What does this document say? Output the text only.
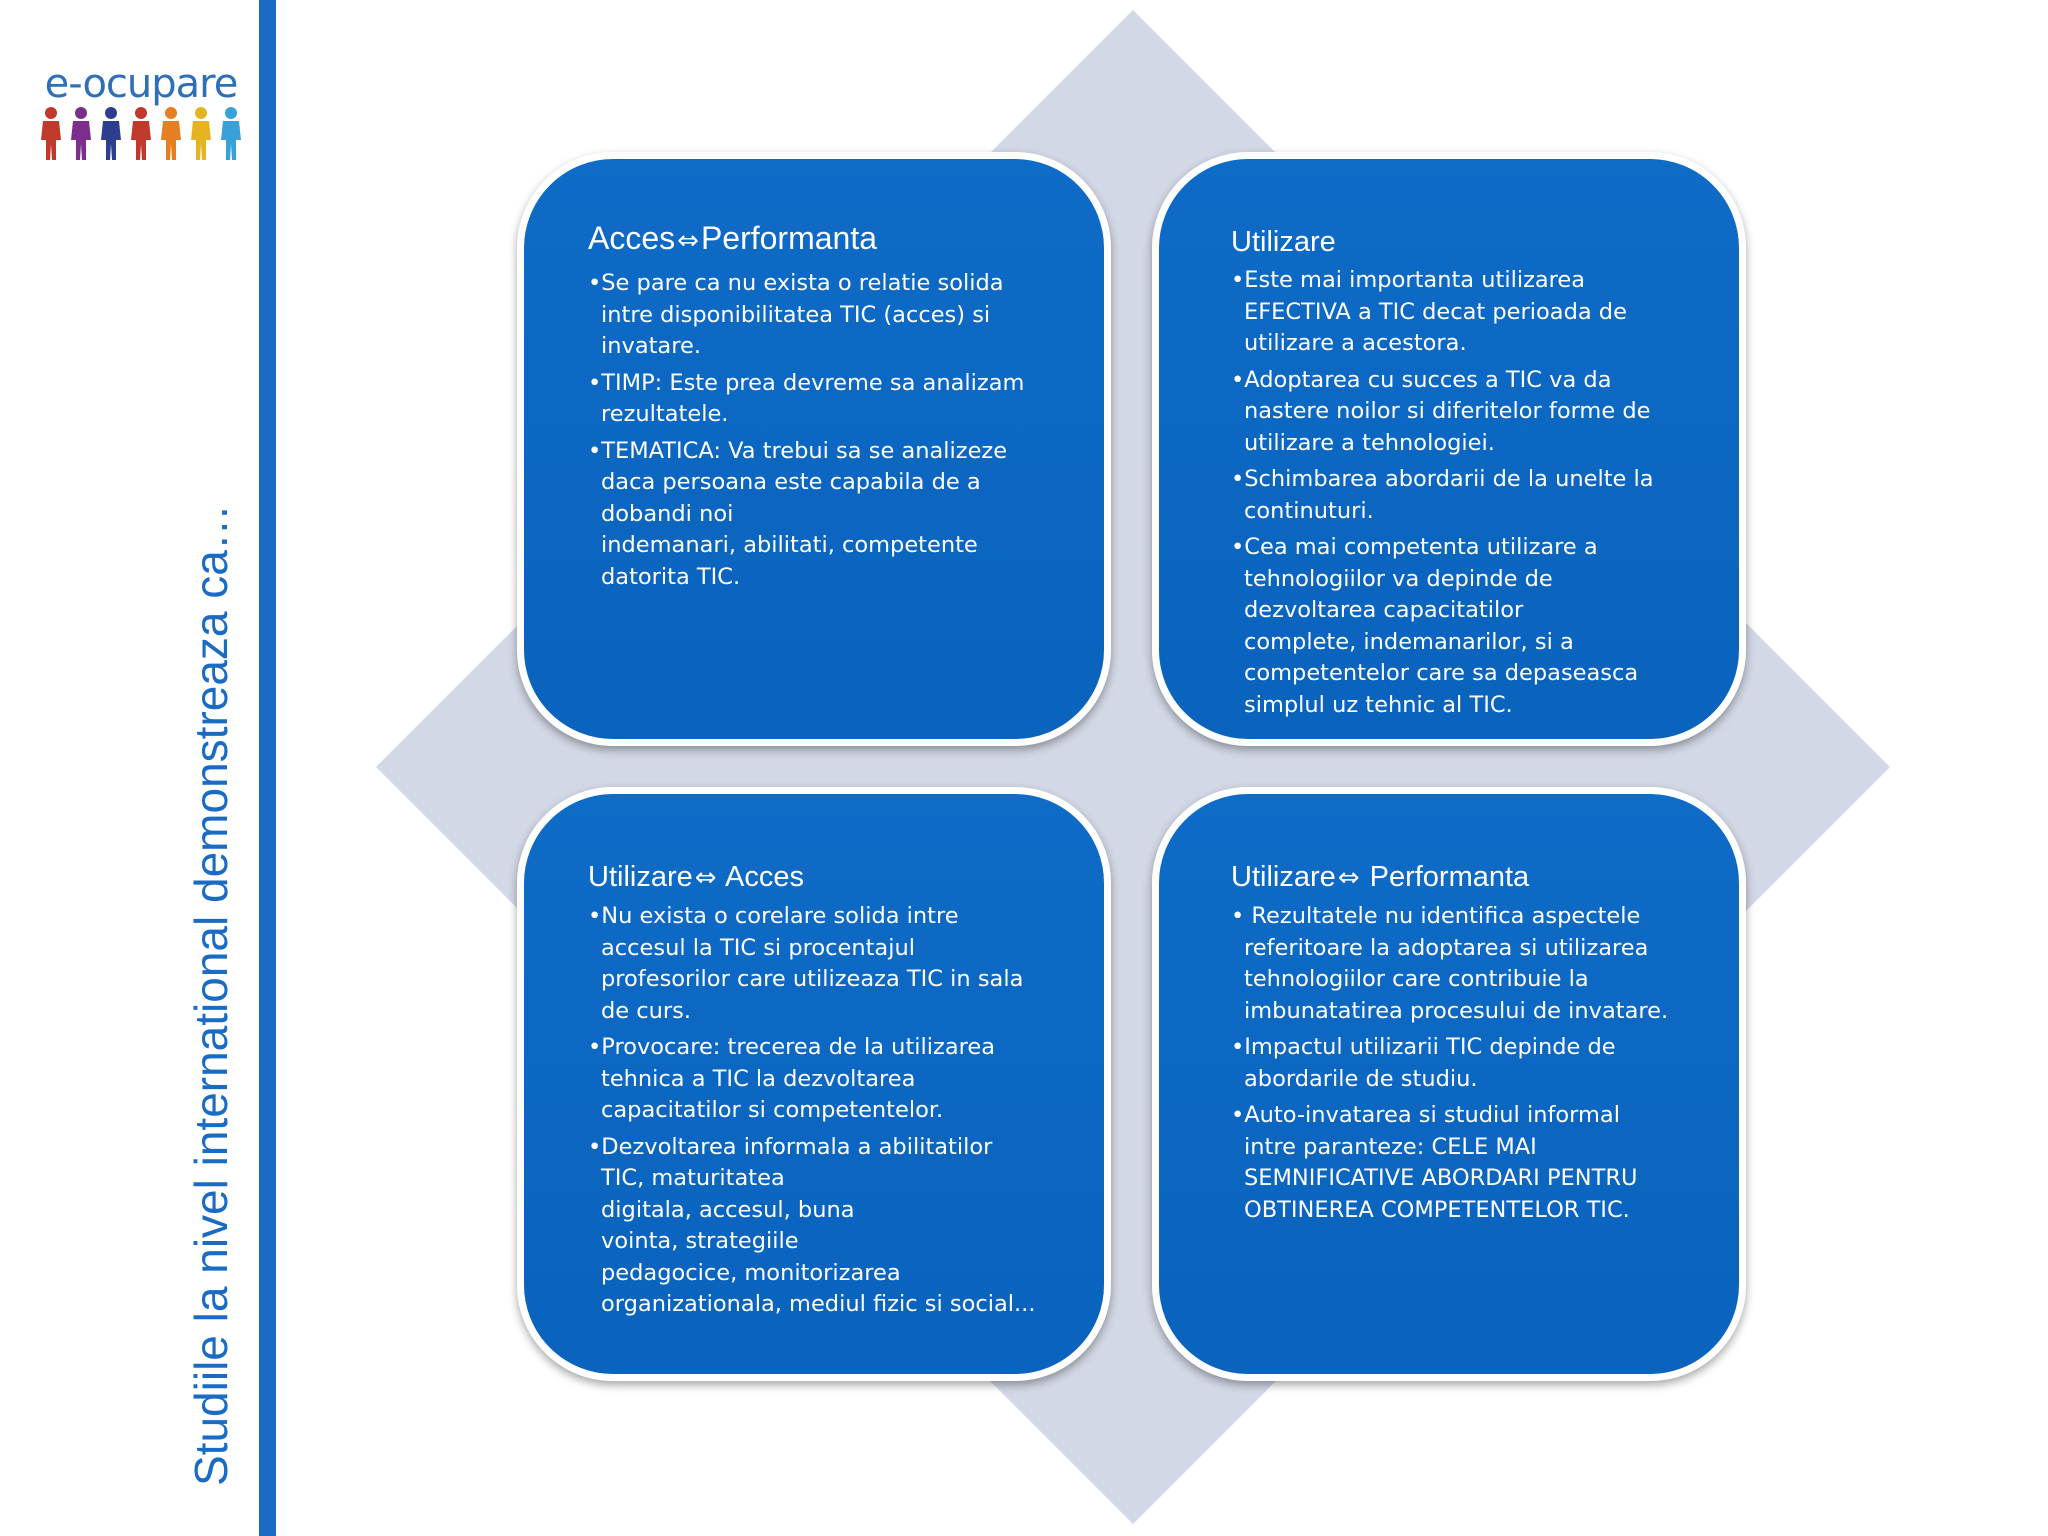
e-ocupare
Studiile la nivel international demonstreaza ca…
Acces⇔Performanta
•Se pare ca nu exista o relatie solida
intre disponibilitatea TIC (acces) si
invatare.
•TIMP: Este prea devreme sa analizam
rezultatele.
•TEMATICA: Va trebui sa se analizeze
daca persoana este capabila de a
dobandi noi
indemanari, abilitati, competente
datorita TIC.
Utilizare
•Este mai importanta utilizarea
EFECTIVA a TIC decat perioada de
utilizare a acestora.
•Adoptarea cu succes a TIC va da
nastere noilor si diferitelor forme de
utilizare a tehnologiei.
•Schimbarea abordarii de la unelte la
continuturi.
•Cea mai competenta utilizare a
tehnologiilor va depinde de
dezvoltarea capacitatilor
complete, indemanarilor, si a
competentelor care sa depaseasca
simplul uz tehnic al TIC.
Utilizare⇔ Acces
•Nu exista o corelare solida intre
accesul la TIC si procentajul
profesorilor care utilizeaza TIC in sala
de curs.
•Provocare: trecerea de la utilizarea
tehnica a TIC la dezvoltarea
capacitatilor si competentelor.
•Dezvoltarea informala a abilitatilor
TIC, maturitatea
digitala, accesul, buna
vointa, strategiile
pedagocice, monitorizarea
organizationala, mediul fizic si social...
Utilizare⇔ Performanta
• Rezultatele nu identifica aspectele
referitoare la adoptarea si utilizarea
tehnologiilor care contribuie la
imbunatatirea procesului de invatare.
•Impactul utilizarii TIC depinde de
abordarile de studiu.
•Auto-invatarea si studiul informal
intre paranteze: CELE MAI
SEMNIFICATIVE ABORDARI PENTRU
OBTINEREA COMPETENTELOR TIC.
